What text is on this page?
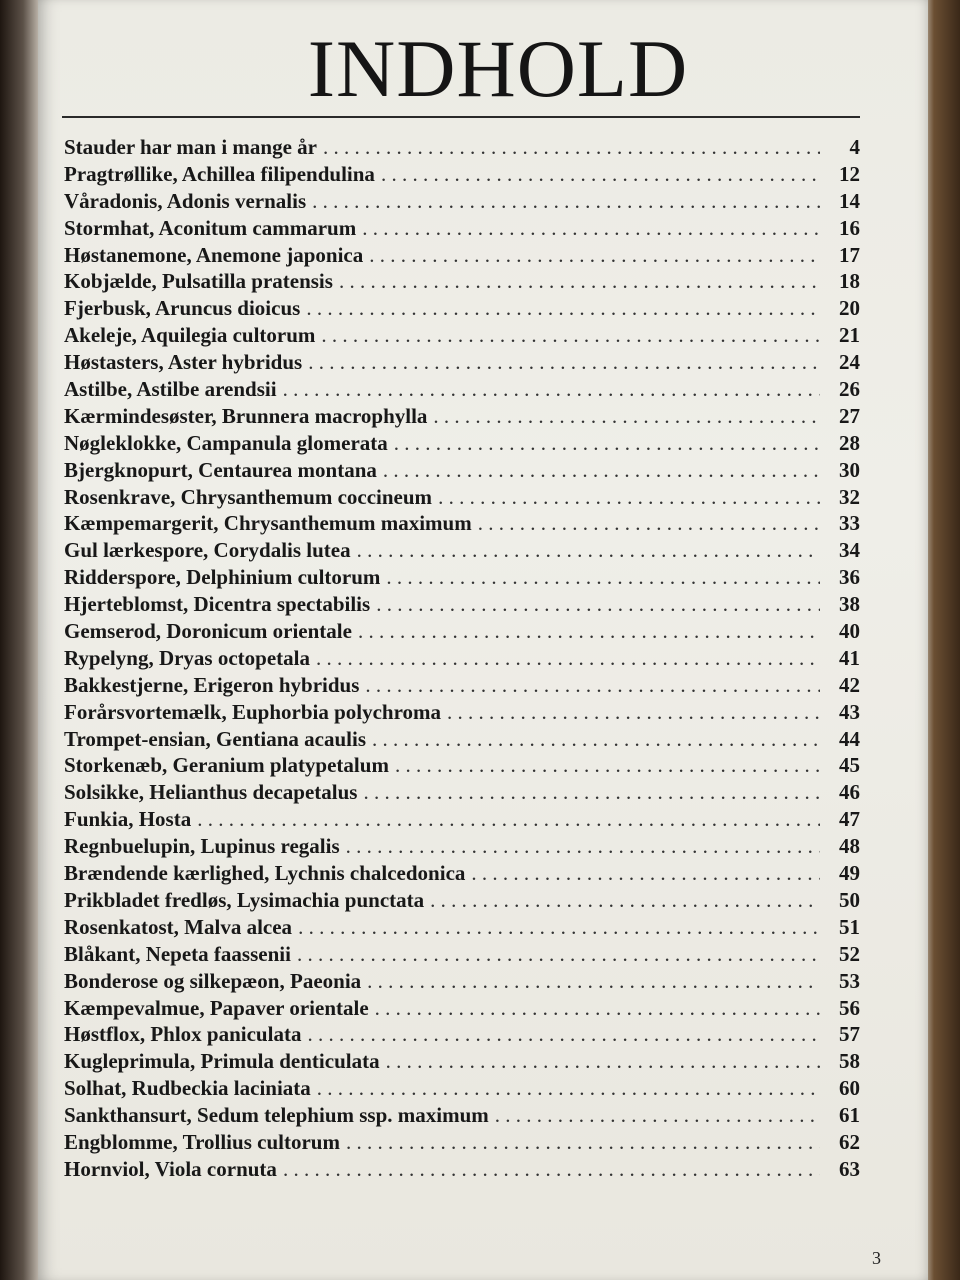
INDHOLD
Stauder har man i mange år . . .	4
Pragtrøllike, Achillea filipendulina . . .	12
Våradonis, Adonis vernalis . . .	14
Stormhat, Aconitum cammarum . . .	16
Høstanemone, Anemone japonica . . .	17
Kobjælde, Pulsatilla pratensis . . .	18
Fjerbusk, Aruncus dioicus . . .	20
Akeleje, Aquilegia cultorum . . .	21
Høstasters, Aster hybridus . . .	24
Astilbe, Astilbe arendsii . . .	26
Kærmindesøster, Brunnera macrophylla . . .	27
Nøgleklokke, Campanula glomerata . . .	28
Bjergknopurt, Centaurea montana . . .	30
Rosenkrave, Chrysanthemum coccineum . . .	32
Kæmpemargerit, Chrysanthemum maximum . . .	33
Gul lærkespore, Corydalis lutea . . .	34
Ridderspore, Delphinium cultorum . . .	36
Hjerteblomst, Dicentra spectabilis . . .	38
Gemserod, Doronicum orientale . . .	40
Rypelyng, Dryas octopetala . . .	41
Bakkestjerne, Erigeron hybridus . . .	42
Forårsvortemælk, Euphorbia polychroma . . .	43
Trompet-ensian, Gentiana acaulis . . .	44
Storkenæb, Geranium platypetalum . . .	45
Solsikke, Helianthus decapetalus . . .	46
Funkia, Hosta . . .	47
Regnbuelupin, Lupinus regalis . . .	48
Brændende kærlighed, Lychnis chalcedonica . . .	49
Prikbladet fredløs, Lysimachia punctata . . .	50
Rosenkatost, Malva alcea . . .	51
Blåkant, Nepeta faassenii . . .	52
Bonderose og silkepæon, Paeonia . . .	53
Kæmpevalmue, Papaver orientale . . .	56
Høstflox, Phlox paniculata . . .	57
Kugleprimula, Primula denticulata . . .	58
Solhat, Rudbeckia laciniata . . .	60
Sankthansurt, Sedum telephium ssp. maximum . . .	61
Engblomme, Trollius cultorum . . .	62
Hornviol, Viola cornuta . . .	63
3
